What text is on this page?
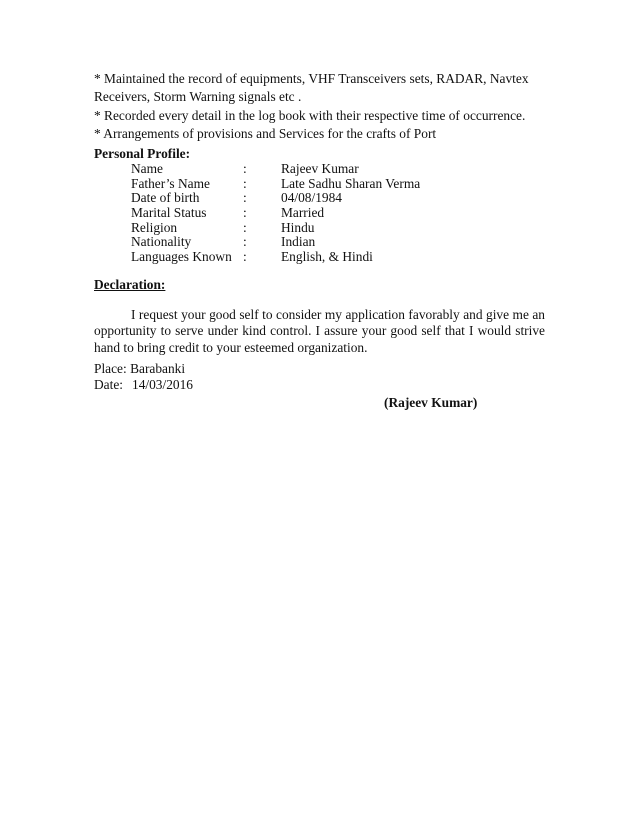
* Maintained the record of equipments, VHF Transceivers sets, RADAR, Navtex
Receivers, Storm Warning signals etc .
* Recorded every detail in the log book with their respective time of occurrence.
* Arrangements of provisions and Services for the crafts of Port
Personal Profile:
Name	:	Rajeev Kumar
Father’s Name :	Late Sadhu Sharan Verma
Date of birth	:	04/08/1984
Marital Status	:	Married
Religion	:	Hindu
Nationality	:	Indian
Languages Known :	English, & Hindi
Declaration:
I request your good self to consider my application favorably and give me an opportunity to serve under kind control. I assure your good self that I would strive hand to bring credit to your esteemed organization.
Place: Barabanki
Date: 14/03/2016
(Rajeev Kumar)
